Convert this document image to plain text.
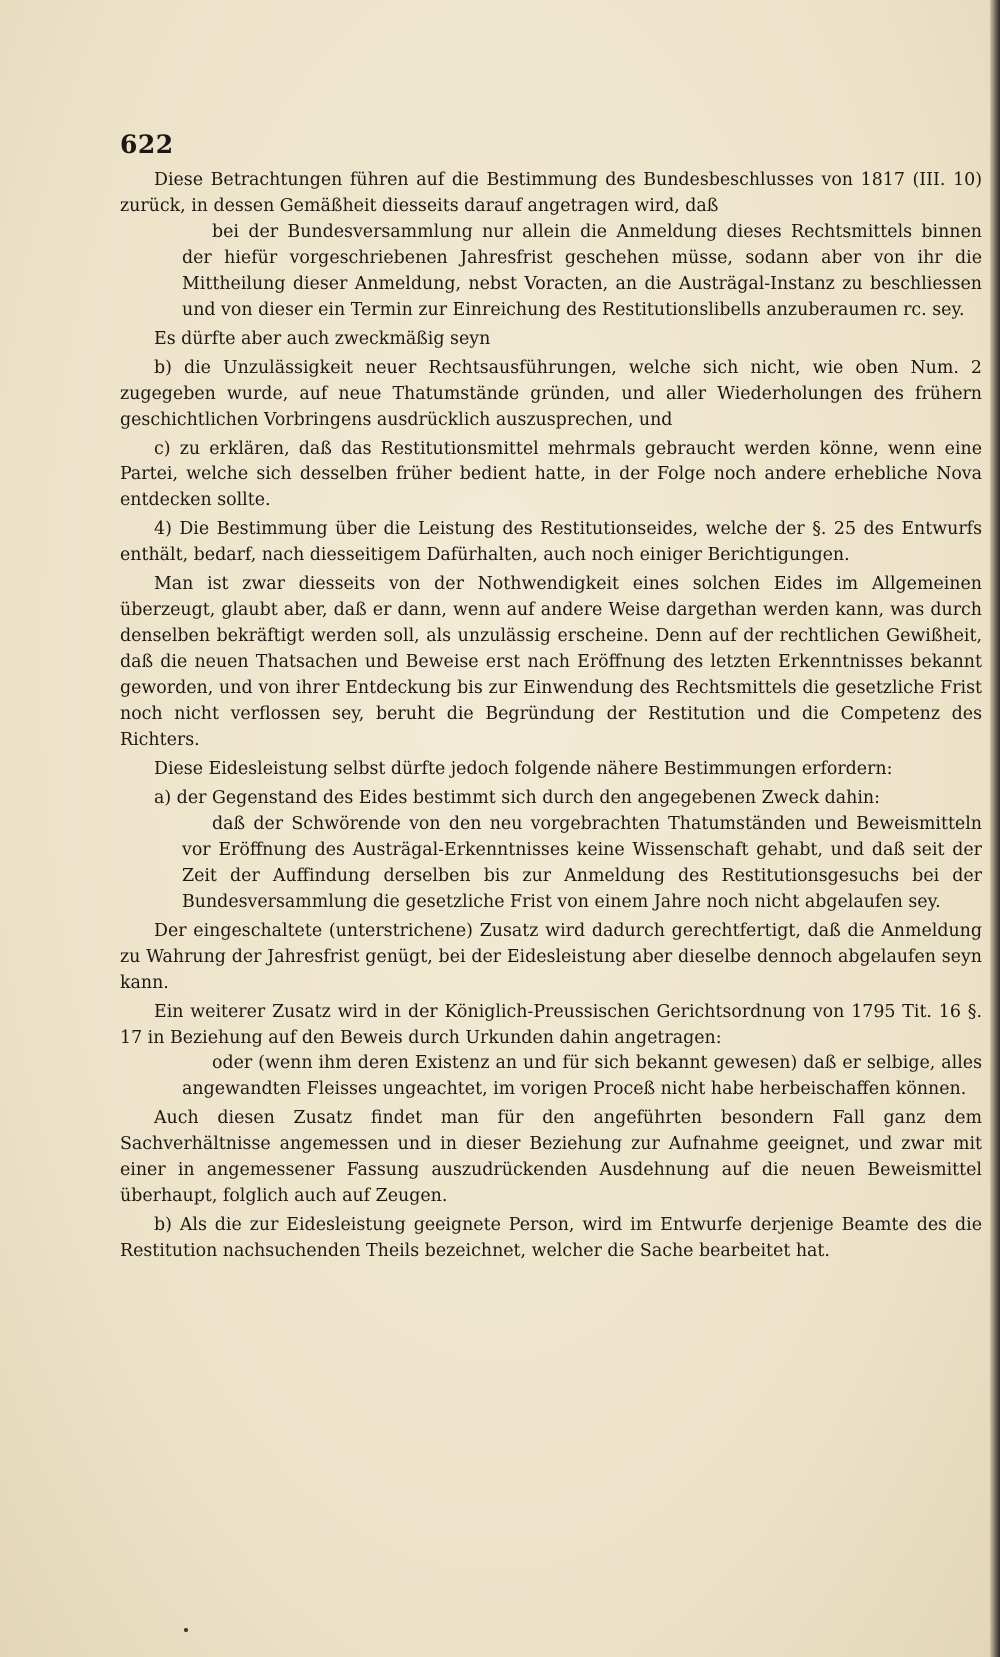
622

Diese Betrachtungen führen auf die Bestimmung des Bundesbeschlusses von 1817 (III. 10) zurück, in dessen Gemäßheit diesseits darauf angetragen wird, daß

bei der Bundesversammlung nur allein die Anmeldung dieses Rechtsmittels binnen der hiefür vorgeschriebenen Jahresfrist geschehen müsse, sodann aber von ihr die Mittheilung dieser Anmeldung, nebst Voracten, an die Austrägal-Instanz zu beschliessen und von dieser ein Termin zur Einreichung des Restitutionslibells anzuberaumen rc. sey.

Es dürfte aber auch zweckmäßig seyn

b) die Unzulässigkeit neuer Rechtsausführungen, welche sich nicht, wie oben Num. 2 zugegeben wurde, auf neue Thatumstände gründen, und aller Wiederholungen des frühern geschichtlichen Vorbringens ausdrücklich auszusprechen, und

c) zu erklären, daß das Restitutionsmittel mehrmals gebraucht werden könne, wenn eine Partei, welche sich desselben früher bedient hatte, in der Folge noch andere erhebliche Nova entdecken sollte.

4) Die Bestimmung über die Leistung des Restitutionseides, welche der §. 25 des Entwurfs enthält, bedarf, nach diesseitigem Dafürhalten, auch noch einiger Berichtigungen.

Man ist zwar diesseits von der Nothwendigkeit eines solchen Eides im Allgemeinen überzeugt, glaubt aber, daß er dann, wenn auf andere Weise dargethan werden kann, was durch denselben bekräftigt werden soll, als unzulässig erscheine. Denn auf der rechtlichen Gewißheit, daß die neuen Thatsachen und Beweise erst nach Eröffnung des letzten Erkenntnisses bekannt geworden, und von ihrer Entdeckung bis zur Einwendung des Rechtsmittels die gesetzliche Frist noch nicht verflossen sey, beruht die Begründung der Restitution und die Competenz des Richters.

Diese Eidesleistung selbst dürfte jedoch folgende nähere Bestimmungen erfordern:

a) der Gegenstand des Eides bestimmt sich durch den angegebenen Zweck dahin:

daß der Schwörende von den neu vorgebrachten Thatumständen und Beweismitteln vor Eröffnung des Austrägal-Erkenntnisses keine Wissenschaft gehabt, und daß seit der Zeit der Auffindung derselben bis zur Anmeldung des Restitutionsgesuchs bei der Bundesversammlung die gesetzliche Frist von einem Jahre noch nicht abgelaufen sey.

Der eingeschaltete (unterstrichene) Zusatz wird dadurch gerechtfertigt, daß die Anmeldung zu Wahrung der Jahresfrist genügt, bei der Eidesleistung aber dieselbe dennoch abgelaufen seyn kann.

Ein weiterer Zusatz wird in der Königlich-Preussischen Gerichtsordnung von 1795 Tit. 16 §. 17 in Beziehung auf den Beweis durch Urkunden dahin angetragen:

oder (wenn ihm deren Existenz an und für sich bekannt gewesen) daß er selbige, alles angewandten Fleisses ungeachtet, im vorigen Proceß nicht habe herbeischaffen können.

Auch diesen Zusatz findet man für den angeführten besondern Fall ganz dem Sachverhältnisse angemessen und in dieser Beziehung zur Aufnahme geeignet, und zwar mit einer in angemessener Fassung auszudrückenden Ausdehnung auf die neuen Beweismittel überhaupt, folglich auch auf Zeugen.

b) Als die zur Eidesleistung geeignete Person, wird im Entwurfe derjenige Beamte des die Restitution nachsuchenden Theils bezeichnet, welcher die Sache bearbeitet hat.
